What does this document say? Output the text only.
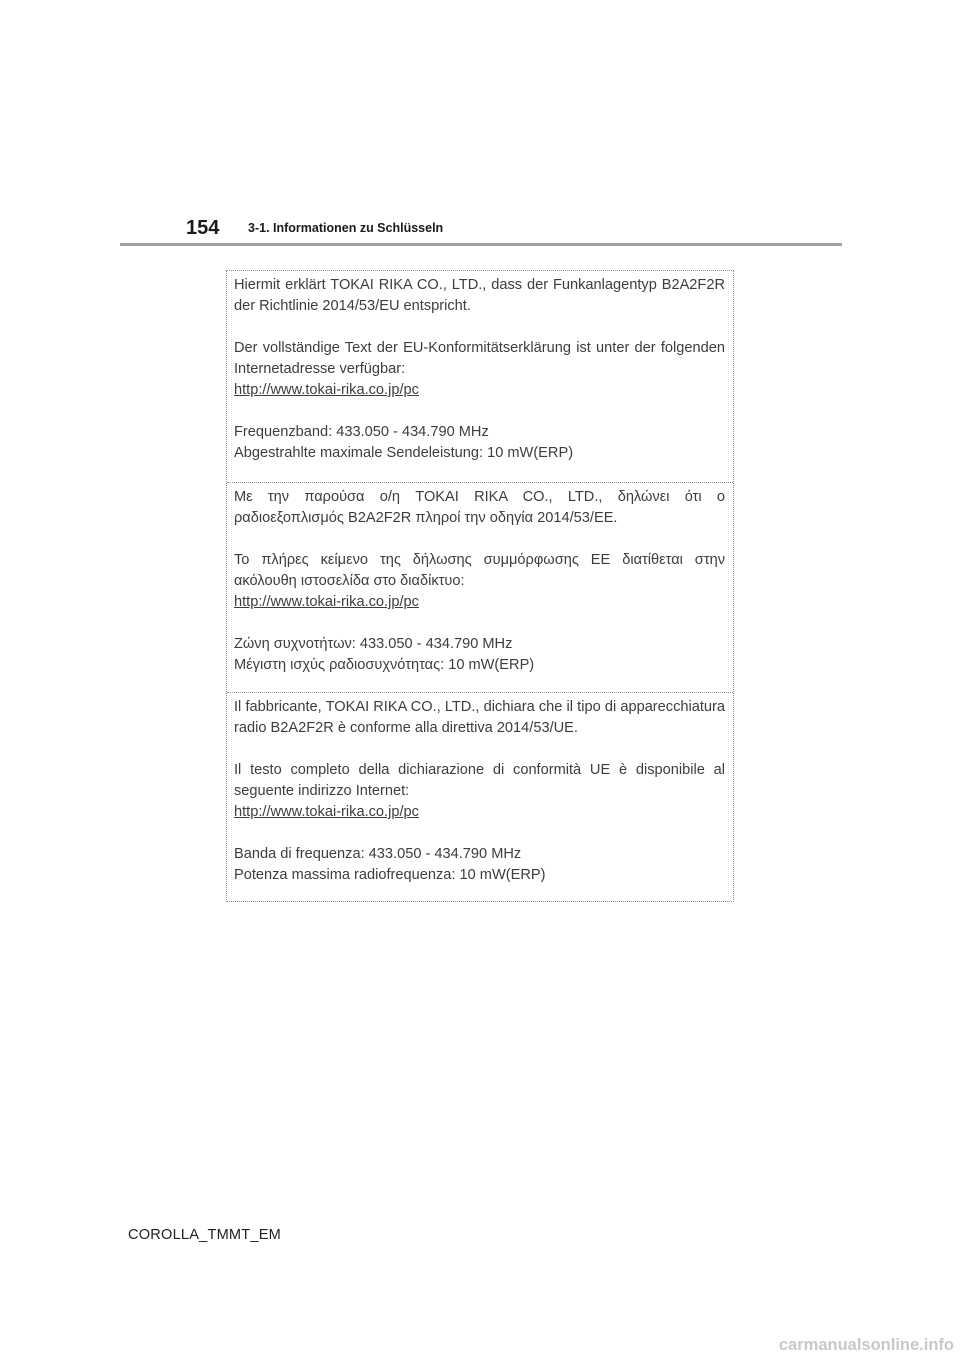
154 3-1. Informationen zu Schlüsseln

Hiermit erklärt TOKAI RIKA CO., LTD., dass der Funkanlagentyp B2A2F2R der Richtlinie 2014/53/EU entspricht.

Der vollständige Text der EU-Konformitätserklärung ist unter der folgenden Internetadresse verfügbar:
http://www.tokai-rika.co.jp/pc

Frequenzband: 433.050 - 434.790 MHz
Abgestrahlte maximale Sendeleistung: 10 mW(ERP)

Με την παρούσα ο/η TOKAI RIKA CO., LTD., δηλώνει ότι ο ραδιοεξοπλισμός B2A2F2R πληροί την οδηγία 2014/53/ΕΕ.

Το πλήρες κείμενο της δήλωσης συμμόρφωσης ΕΕ διατίθεται στην ακόλουθη ιστοσελίδα στο διαδίκτυο:
http://www.tokai-rika.co.jp/pc

Ζώνη συχνοτήτων: 433.050 - 434.790 MHz
Μέγιστη ισχύς ραδιοσυχνότητας: 10 mW(ERP)

Il fabbricante, TOKAI RIKA CO., LTD., dichiara che il tipo di apparecchiatura radio B2A2F2R è conforme alla direttiva 2014/53/UE.

Il testo completo della dichiarazione di conformità UE è disponibile al seguente indirizzo Internet:
http://www.tokai-rika.co.jp/pc

Banda di frequenza: 433.050 - 434.790 MHz
Potenza massima radiofrequenza: 10 mW(ERP)

COROLLA_TMMT_EM
carmanualsonline.info
